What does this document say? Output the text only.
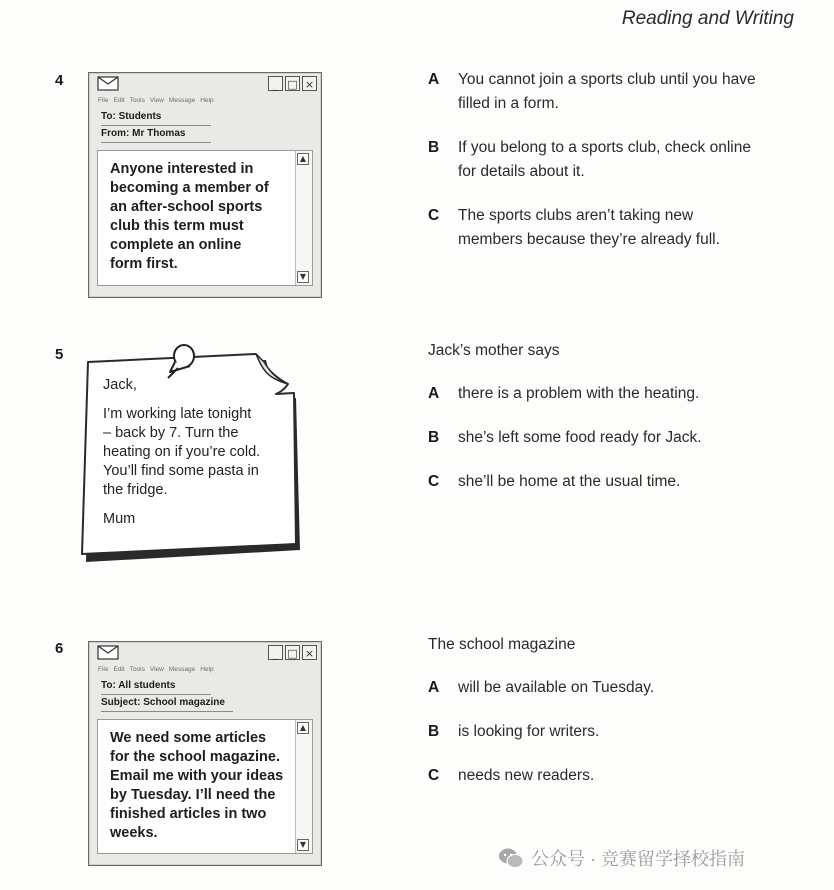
Reading and Writing
4	_ □ ×
File Edit Tools View Message Help
To: Students
From: Mr Thomas
Anyone interested in
becoming a member of
an after-school sports
club this term must
complete an online
form first.
▲
▼
A	You cannot join a sports club until you have
filled in a form.
B	If you belong to a sports club, check online
for details about it.
C	The sports clubs aren’t taking new
members because they’re already full.
5

Jack,

I’m working late tonight

– back by 7. Turn the

heating on if you’re cold.

You’ll find some pasta in

the fridge.

Mum

Jack’s mother says
A	there is a problem with the heating.
B	she’s left some food ready for Jack.
C	she’ll be home at the usual time.
6	_ □ ×
File Edit Tools View Message Help
To: All students
Subject: School magazine
We need some articles
for the school magazine.
Email me with your ideas
by Tuesday. I’ll need the
finished articles in two
weeks.
▲
▼
The school magazine
A	will be available on Tuesday.
B	is looking for writers.
C	needs new readers.
公众号 · 竞赛留学择校指南
